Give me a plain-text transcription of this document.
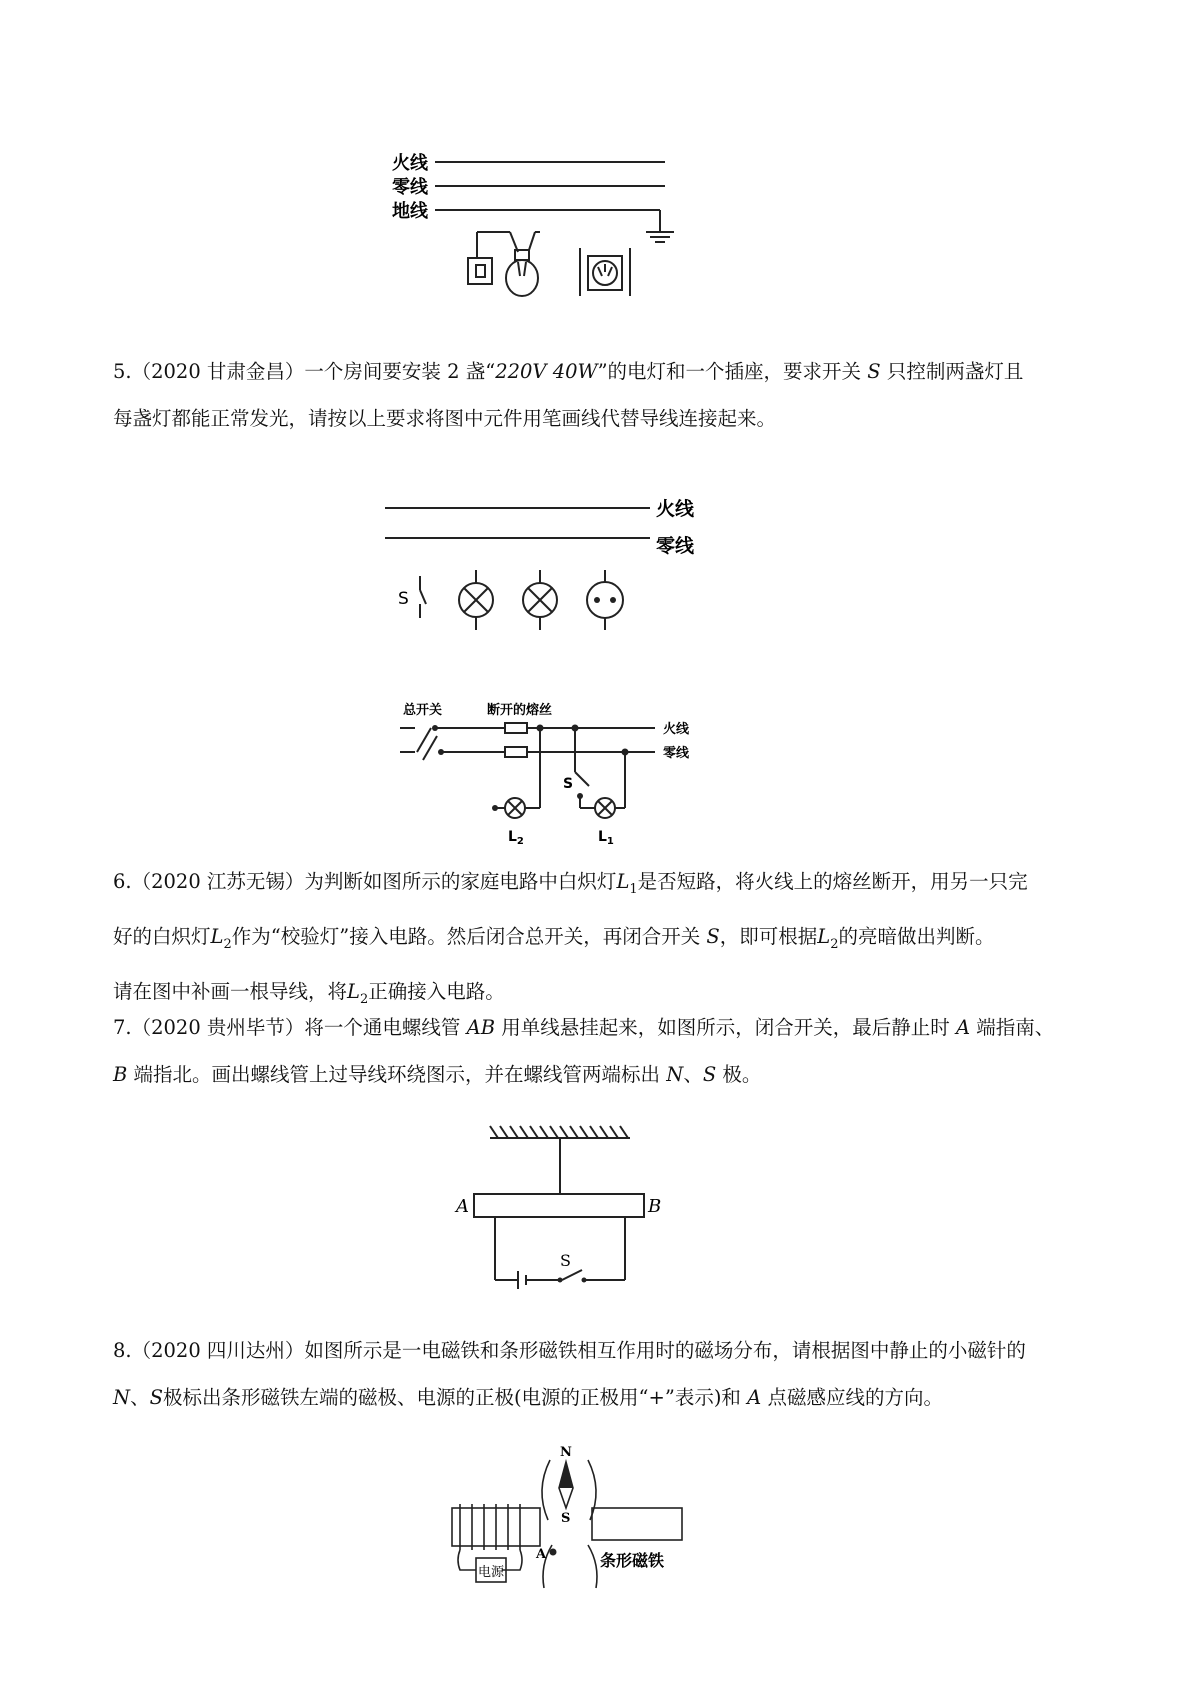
火线
零线
地线

5.（2020 甘肃金昌）一个房间要安装 2 盏“220V 40W”的电灯和一个插座，要求开关 S 只控制两盏灯且
每盏灯都能正常发光，请按以上要求将图中元件用笔画线代替导线连接起来。

火线
零线
S
总开关	断开的熔丝
火线
零线
S
$L_2$	$L_1$

6.（2020 江苏无锡）为判断如图所示的家庭电路中白炽灯$L_1$是否短路，将火线上的熔丝断开，用另一只完
好的白炽灯$L_2$作为“校验灯”接入电路。然后闭合总开关，再闭合开关 S，即可根据$L_2$的亮暗做出判断。
请在图中补画一根导线，将$L_2$正确接入电路。

7.（2020 贵州毕节）将一个通电螺线管 AB 用单线悬挂起来，如图所示，闭合开关，最后静止时 A 端指南、
B 端指北。画出螺线管上过导线环绕图示，并在螺线管两端标出 N、S 极。

A	B
S

8.（2020 四川达州）如图所示是一电磁铁和条形磁铁相互作用时的磁场分布，请根据图中静止的小磁针的
N、S极标出条形磁铁左端的磁极、电源的正极(电源的正极用“+”表示)和 A 点磁感应线的方向。

N
S
A	条形磁铁
电源
